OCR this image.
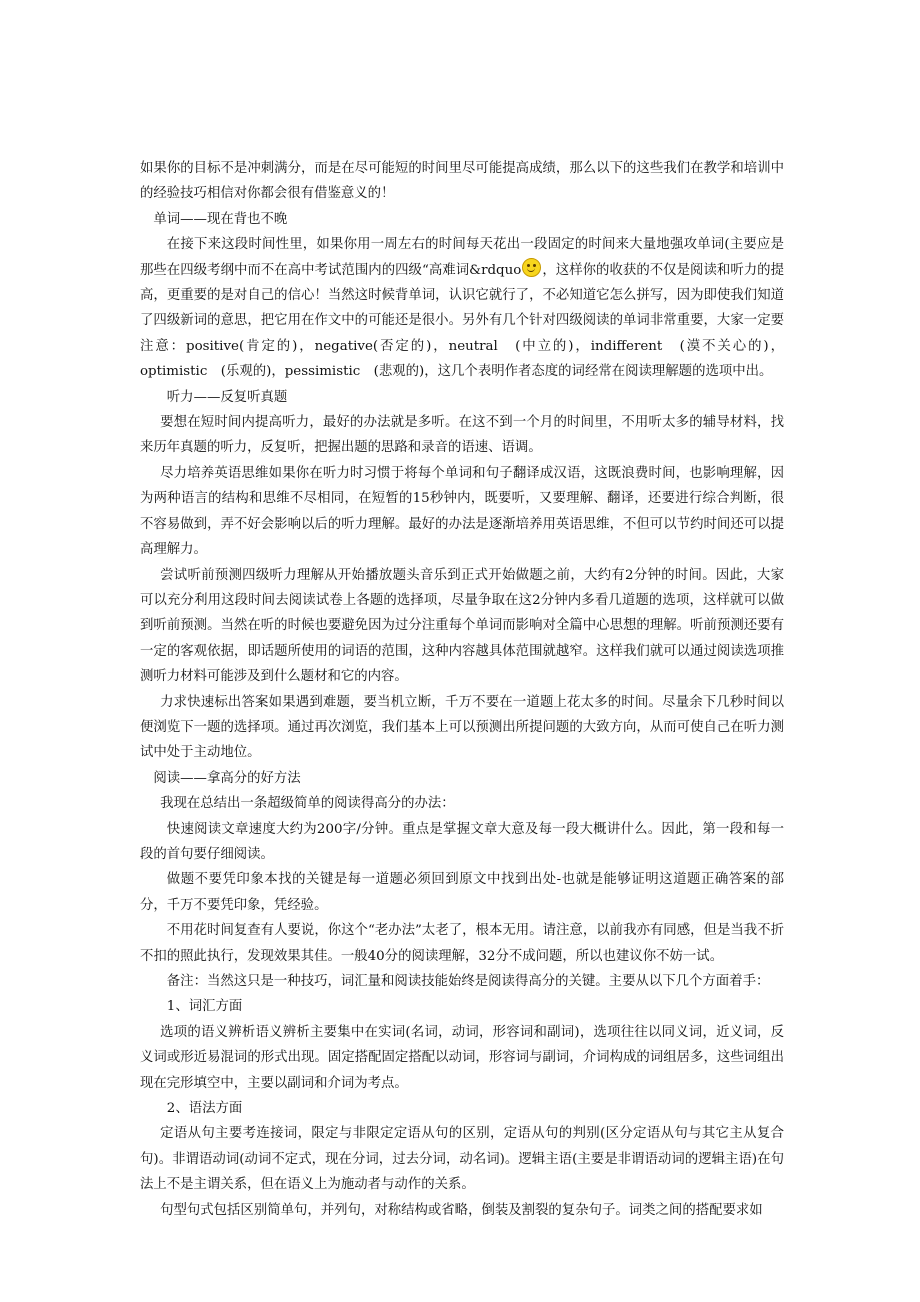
如果你的目标不是冲刺满分，而是在尽可能短的时间里尽可能提高成绩，那么以下的这些我们在教学和培训中的经验技巧相信对你都会很有借鉴意义的！

单词——现在背也不晚

在接下来这段时间性里，如果你用一周左右的时间每天花出一段固定的时间来大量地强攻单词(主要应是那些在四级考纲中而不在高中考试范围内的四级“高难词&rdquo ，这样你的收获的不仅是阅读和听力的提高，更重要的是对自己的信心！当然这时候背单词，认识它就行了，不必知道它怎么拼写，因为即使我们知道了四级新词的意思，把它用在作文中的可能还是很小。另外有几个针对四级阅读的单词非常重要，大家一定要注意：positive(肯定的)，negative(否定的)，neutral　(中立的)，indifferent　(漠不关心的)，optimistic　(乐观的)，pessimistic　(悲观的)，这几个表明作者态度的词经常在阅读理解题的选项中出。

听力——反复听真题

要想在短时间内提高听力，最好的办法就是多听。在这不到一个月的时间里，不用听太多的辅导材料，找来历年真题的听力，反复听，把握出题的思路和录音的语速、语调。

尽力培养英语思维如果你在听力时习惯于将每个单词和句子翻译成汉语，这既浪费时间，也影响理解，因为两种语言的结构和思维不尽相同，在短暂的15秒钟内，既要听，又要理解、翻译，还要进行综合判断，很不容易做到，弄不好会影响以后的听力理解。最好的办法是逐渐培养用英语思维，不但可以节约时间还可以提高理解力。

尝试听前预测四级听力理解从开始播放题头音乐到正式开始做题之前，大约有2分钟的时间。因此，大家可以充分利用这段时间去阅读试卷上各题的选择项，尽量争取在这2分钟内多看几道题的选项，这样就可以做到听前预测。当然在听的时候也要避免因为过分注重每个单词而影响对全篇中心思想的理解。听前预测还要有一定的客观依据，即话题所使用的词语的范围，这种内容越具体范围就越窄。这样我们就可以通过阅读选项推测听力材料可能涉及到什么题材和它的内容。

力求快速标出答案如果遇到难题，要当机立断，千万不要在一道题上花太多的时间。尽量余下几秒时间以便浏览下一题的选择项。通过再次浏览，我们基本上可以预测出所提问题的大致方向，从而可使自己在听力测试中处于主动地位。

阅读——拿高分的好方法

我现在总结出一条超级简单的阅读得高分的办法：

快速阅读文章速度大约为200字/分钟。重点是掌握文章大意及每一段大概讲什么。因此，第一段和每一段的首句要仔细阅读。

做题不要凭印象本找的关键是每一道题必须回到原文中找到出处-也就是能够证明这道题正确答案的部分，千万不要凭印象，凭经验。

不用花时间复查有人要说，你这个“老办法”太老了，根本无用。请注意，以前我亦有同感，但是当我不折不扣的照此执行，发现效果其佳。一般40分的阅读理解，32分不成问题，所以也建议你不妨一试。

备注：当然这只是一种技巧，词汇量和阅读技能始终是阅读得高分的关键。主要从以下几个方面着手：

1、词汇方面

选项的语义辨析语义辨析主要集中在实词(名词，动词，形容词和副词)，选项往往以同义词，近义词，反义词或形近易混词的形式出现。固定搭配固定搭配以动词，形容词与副词，介词构成的词组居多，这些词组出现在完形填空中，主要以副词和介词为考点。

2、语法方面

定语从句主要考连接词，限定与非限定定语从句的区别，定语从句的判别(区分定语从句与其它主从复合句)。非谓语动词(动词不定式，现在分词，过去分词，动名词)。逻辑主语(主要是非谓语动词的逻辑主语)在句法上不是主谓关系，但在语义上为施动者与动作的关系。

句型句式包括区别简单句，并列句，对称结构或省略，倒装及割裂的复杂句子。词类之间的搭配要求如
